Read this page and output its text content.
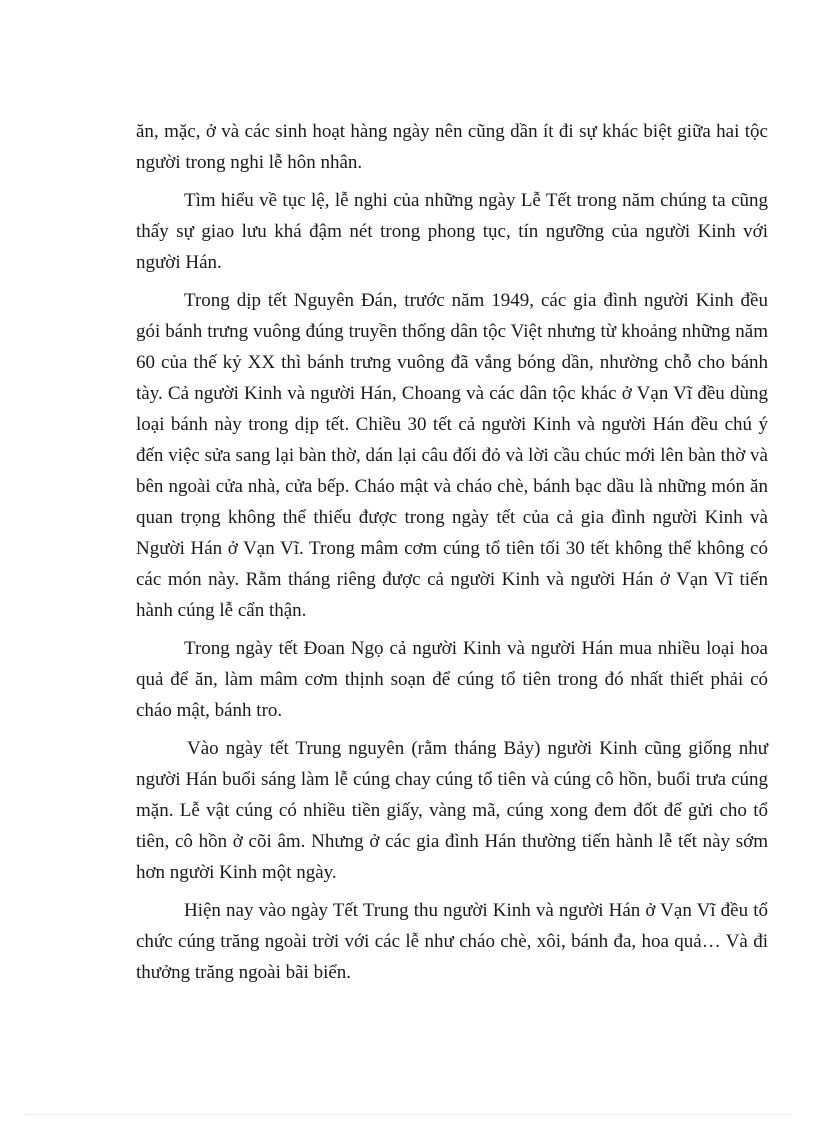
ăn, mặc, ở và các sinh hoạt hàng ngày nên cũng dần ít đi sự khác biệt giữa hai tộc người trong nghi lễ hôn nhân.

Tìm hiểu về tục lệ, lễ nghi của những ngày Lễ Tết trong năm chúng ta cũng thấy sự giao lưu khá đậm nét trong phong tục, tín ngưỡng của người Kinh với người Hán.

Trong dịp tết Nguyên Đán, trước năm 1949, các gia đình người Kinh đều gói bánh trưng vuông đúng truyền thống dân tộc Việt nhưng từ khoảng những năm 60 của thế kỷ XX thì bánh trưng vuông đã vắng bóng dần, nhường chỗ cho bánh tày. Cả người Kinh và người Hán, Choang và các dân tộc khác ở Vạn Vĩ đều dùng loại bánh này trong dịp tết. Chiều 30 tết cả người Kinh và người Hán đều chú ý đến việc sửa sang lại bàn thờ, dán lại câu đối đỏ và lời cầu chúc mới lên bàn thờ và bên ngoài cửa nhà, cửa bếp. Cháo mật và cháo chè, bánh bạc dầu là những món ăn quan trọng không thể thiếu được trong ngày tết của cả gia đình người Kinh và Người Hán ở Vạn Vĩ. Trong mâm cơm cúng tổ tiên tối 30 tết không thể không có các món này. Rằm tháng riêng được cả người Kinh và người Hán ở Vạn Vĩ tiến hành cúng lễ cẩn thận.

Trong ngày tết Đoan Ngọ cả người Kinh và người Hán mua nhiều loại hoa quả để ăn, làm mâm cơm thịnh soạn để cúng tổ tiên trong đó nhất thiết phải có cháo mật, bánh tro.

Vào ngày tết Trung nguyên (rằm tháng Bảy) người Kinh cũng giống như người Hán buổi sáng làm lễ cúng chay cúng tổ tiên và cúng cô hồn, buổi trưa cúng mặn. Lễ vật cúng có nhiều tiền giấy, vàng mã, cúng xong đem đốt để gửi cho tổ tiên, cô hồn ở cõi âm. Nhưng ở các gia đình Hán thường tiến hành lễ tết này sớm hơn người Kinh một ngày.

Hiện nay vào ngày Tết Trung thu người Kinh và người Hán ở Vạn Vĩ đều tổ chức cúng trăng ngoài trời với các lễ như cháo chè, xôi, bánh đa, hoa quả… Và đi thưởng trăng ngoài bãi biển.
